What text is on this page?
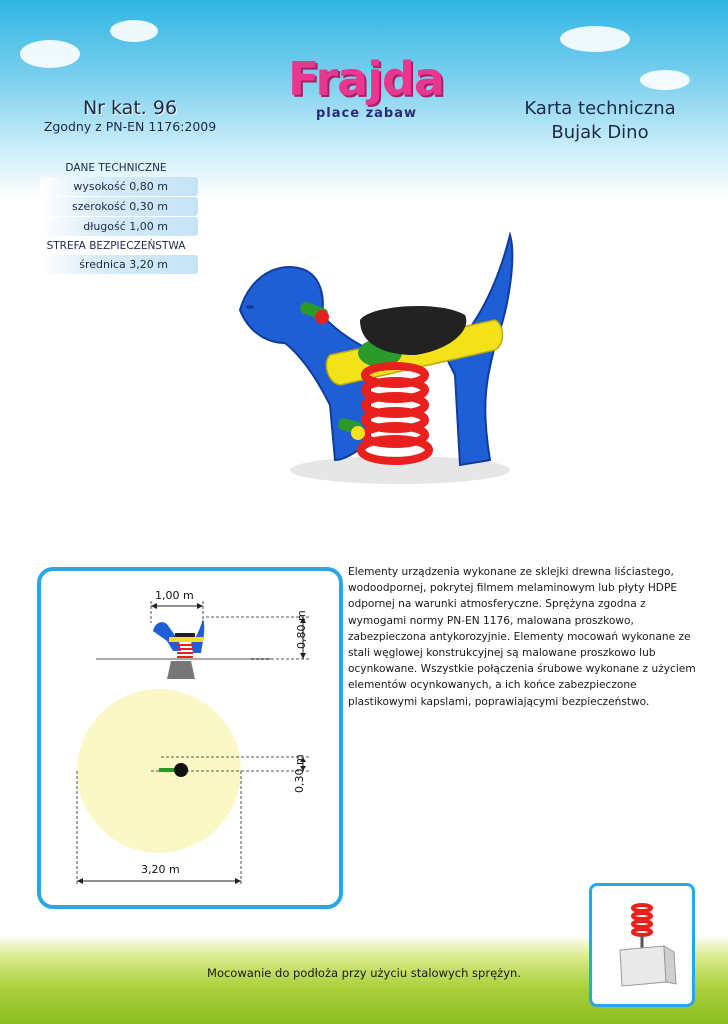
Frajda
place zabaw
Nr kat. 96
Zgodny z PN-EN 1176:2009
Karta techniczna
Bujak Dino
DANE TECHNICZNE
wysokość 0,80 m
szerokość 0,30 m
długość 1,00 m
STREFA BEZPIECZEŃSTWA
średnica 3,20 m
1,00 m
0,80 m
0,30 m
3,20 m
Elementy urządzenia wykonane ze sklejki drewna liściastego, wodoodpornej, pokrytej filmem melaminowym lub płyty HDPE odpornej na warunki atmosferyczne. Sprężyna zgodna z wymogami normy PN-EN 1176, malowana proszkowo, zabezpieczona antykorozyjnie. Elementy mocowań wykonane ze stali węglowej konstrukcyjnej są malowane proszkowo lub ocynkowane. Wszystkie połączenia śrubowe wykonane z użyciem elementów ocynkowanych, a ich końce zabezpieczone plastikowymi kapslami, poprawiającymi bezpieczeństwo.
Mocowanie do podłoża przy użyciu stalowych sprężyn.
